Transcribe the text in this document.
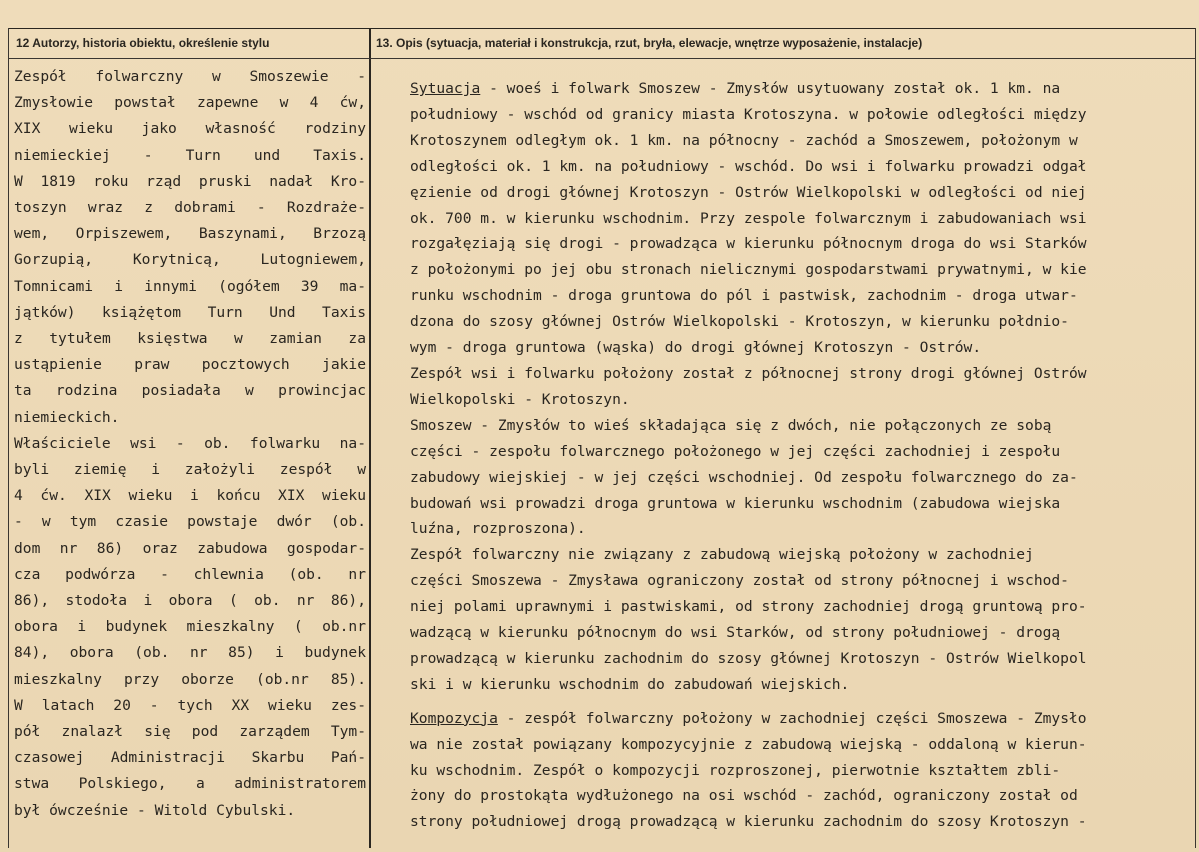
12 Autorzy, historia obiektu, określenie stylu	13. Opis (sytuacja, materiał i konstrukcja, rzut, bryła, elewacje, wnętrze wyposażenie, instalacje)
Zespół folwarczny w Smoszewie -
Zmysłowie powstał zapewne w 4 ćw,
XIX wieku jako własność rodziny
niemieckiej - Turn und Taxis.
W 1819 roku rząd pruski nadał Kro-
toszyn wraz z dobrami - Rozdraże-
wem, Orpiszewem, Baszynami, Brzozą
Gorzupią, Korytnicą, Lutogniewem,
Tomnicami i innymi (ogółem 39 ma-
jątków) książętom Turn Und Taxis
z tytułem księstwa w zamian za
ustąpienie praw pocztowych jakie
ta rodzina posiadała w prowincjac
niemieckich.
Właściciele wsi - ob. folwarku na-
byli ziemię i założyli zespół w
4 ćw. XIX wieku i końcu XIX wieku
- w tym czasie powstaje dwór (ob.
dom nr 86) oraz zabudowa gospodar-
cza podwórza - chlewnia (ob. nr
86), stodoła i obora ( ob. nr 86),
obora i budynek mieszkalny ( ob.nr
84), obora (ob. nr 85) i budynek
mieszkalny przy oborze (ob.nr 85).
W latach 20 - tych XX wieku zes-
pół znalazł się pod zarządem Tym-
czasowej Administracji Skarbu Pań-
stwa Polskiego, a administratorem
był ówcześnie - Witold Cybulski.
Sytuacja - woeś i folwark Smoszew - Zmysłów usytuowany został ok. 1 km. na
południowy - wschód od granicy miasta Krotoszyna. w połowie odległości między
Krotoszynem odległym ok. 1 km. na północny - zachód a Smoszewem, położonym w
odległości ok. 1 km. na południowy - wschód. Do wsi i folwarku prowadzi odgał
ęzienie od drogi głównej Krotoszyn - Ostrów Wielkopolski w odległości od niej
ok. 700 m. w kierunku wschodnim. Przy zespole folwarcznym i zabudowaniach wsi
rozgałęziają się drogi - prowadząca w kierunku północnym droga do wsi Starków
z położonymi po jej obu stronach nielicznymi gospodarstwami prywatnymi, w kie
runku wschodnim - droga gruntowa do pól i pastwisk, zachodnim - droga utwar-
dzona do szosy głównej Ostrów Wielkopolski - Krotoszyn, w kierunku połdnio-
wym - droga gruntowa (wąska) do drogi głównej Krotoszyn - Ostrów.
Zespół wsi i folwarku położony został z północnej strony drogi głównej Ostrów
Wielkopolski - Krotoszyn.
Smoszew - Zmysłów to wieś składająca się z dwóch, nie połączonych ze sobą
części - zespołu folwarcznego położonego w jej części zachodniej i zespołu
zabudowy wiejskiej - w jej części wschodniej. Od zespołu folwarcznego do za-
budowań wsi prowadzi droga gruntowa w kierunku wschodnim (zabudowa wiejska
luźna, rozproszona).
Zespół folwarczny nie związany z zabudową wiejską położony w zachodniej
części Smoszewa - Zmysława ograniczony został od strony północnej i wschod-
niej polami uprawnymi i pastwiskami, od strony zachodniej drogą gruntową pro-
wadzącą w kierunku północnym do wsi Starków, od strony południowej - drogą
prowadzącą w kierunku zachodnim do szosy głównej Krotoszyn - Ostrów Wielkopol
ski i w kierunku wschodnim do zabudowań wiejskich.
Kompozycja - zespół folwarczny położony w zachodniej części Smoszewa - Zmysło
wa nie został powiązany kompozycyjnie z zabudową wiejską - oddaloną w kierun-
ku wschodnim. Zespół o kompozycji rozproszonej, pierwotnie kształtem zbli-
żony do prostokąta wydłużonego na osi wschód - zachód, ograniczony został od
strony południowej drogą prowadzącą w kierunku zachodnim do szosy Krotoszyn -
